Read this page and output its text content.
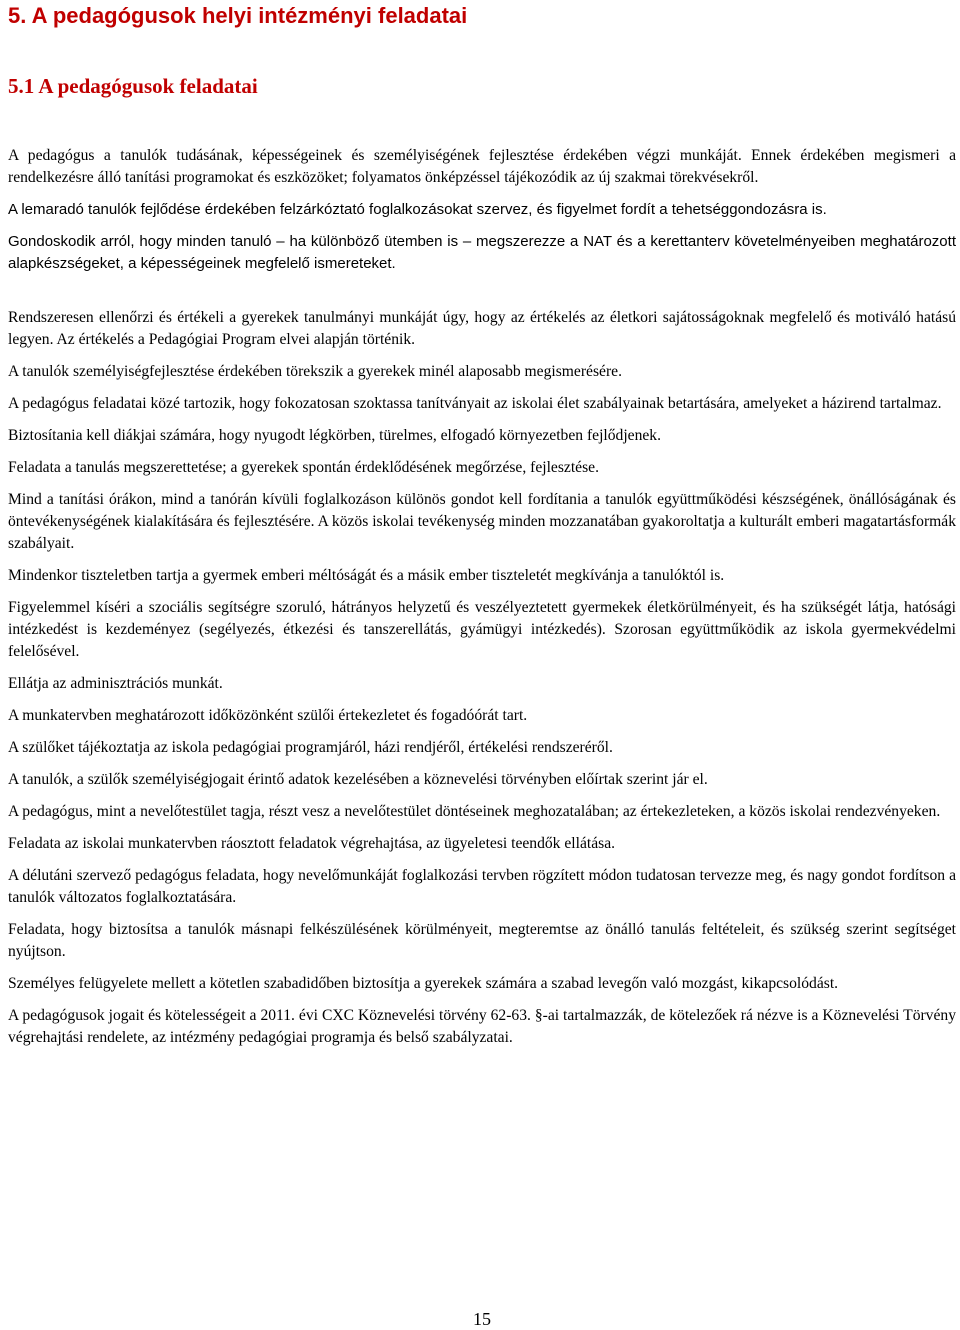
5. A pedagógusok helyi intézményi feladatai
5.1 A pedagógusok feladatai

A pedagógus a tanulók tudásának, képességeinek és személyiségének fejlesztése érdekében végzi munkáját. Ennek érdekében megismeri a rendelkezésre álló tanítási programokat és eszközöket; folyamatos önképzéssel tájékozódik az új szakmai törekvésekről.

A lemaradó tanulók fejlődése érdekében felzárkóztató foglalkozásokat szervez, és figyelmet fordít a tehetséggondozásra is.

Gondoskodik arról, hogy minden tanuló – ha különböző ütemben is – megszerezze a NAT és a kerettanterv követelményeiben meghatározott alapkészségeket, a képességeinek megfelelő ismereteket.

Rendszeresen ellenőrzi és értékeli a gyerekek tanulmányi munkáját úgy, hogy az értékelés az életkori sajátosságoknak megfelelő és motiváló hatású legyen. Az értékelés a Pedagógiai Program elvei alapján történik.

A tanulók személyiségfejlesztése érdekében törekszik a gyerekek minél alaposabb megismerésére.

A pedagógus feladatai közé tartozik, hogy fokozatosan szoktassa tanítványait az iskolai élet szabályainak betartására, amelyeket a házirend tartalmaz.

Biztosítania kell diákjai számára, hogy nyugodt légkörben, türelmes, elfogadó környezetben fejlődjenek.

Feladata a tanulás megszerettetése; a gyerekek spontán érdeklődésének megőrzése, fejlesztése.

Mind a tanítási órákon, mind a tanórán kívüli foglalkozáson különös gondot kell fordítania a tanulók együttműködési készségének, önállóságának és öntevékenységének kialakítására és fejlesztésére. A közös iskolai tevékenység minden mozzanatában gyakoroltatja a kulturált emberi magatartásformák szabályait.

Mindenkor tiszteletben tartja a gyermek emberi méltóságát és a másik ember tiszteletét megkívánja a tanulóktól is.

Figyelemmel kíséri a szociális segítségre szoruló, hátrányos helyzetű és veszélyeztetett gyermekek életkörülményeit, és ha szükségét látja, hatósági intézkedést is kezdeményez (segélyezés, étkezési és tanszerellátás, gyámügyi intézkedés). Szorosan együttműködik az iskola gyermekvédelmi felelősével.

Ellátja az adminisztrációs munkát.

A munkatervben meghatározott időközönként szülői értekezletet és fogadóórát tart.

A szülőket tájékoztatja az iskola pedagógiai programjáról, házi rendjéről, értékelési rendszeréről.

A tanulók, a szülők személyiségjogait érintő adatok kezelésében a köznevelési törvényben előírtak szerint jár el.

A pedagógus, mint a nevelőtestület tagja, részt vesz a nevelőtestület döntéseinek meghozatalában; az értekezleteken, a közös iskolai rendezvényeken.

Feladata az iskolai munkatervben ráosztott feladatok végrehajtása, az ügyeletesi teendők ellátása.

A délutáni szervező pedagógus feladata, hogy nevelőmunkáját foglalkozási tervben rögzített módon tudatosan tervezze meg, és nagy gondot fordítson a tanulók változatos foglalkoztatására.

Feladata, hogy biztosítsa a tanulók másnapi felkészülésének körülményeit, megteremtse az önálló tanulás feltételeit, és szükség szerint segítséget nyújtson.

Személyes felügyelete mellett a kötetlen szabadidőben biztosítja a gyerekek számára a szabad levegőn való mozgást, kikapcsolódást.

A pedagógusok jogait és kötelességeit a 2011. évi CXC Köznevelési törvény 62-63. §-ai tartalmazzák, de kötelezőek rá nézve is a Köznevelési Törvény végrehajtási rendelete, az intézmény pedagógiai programja és belső szabályzatai.

15
